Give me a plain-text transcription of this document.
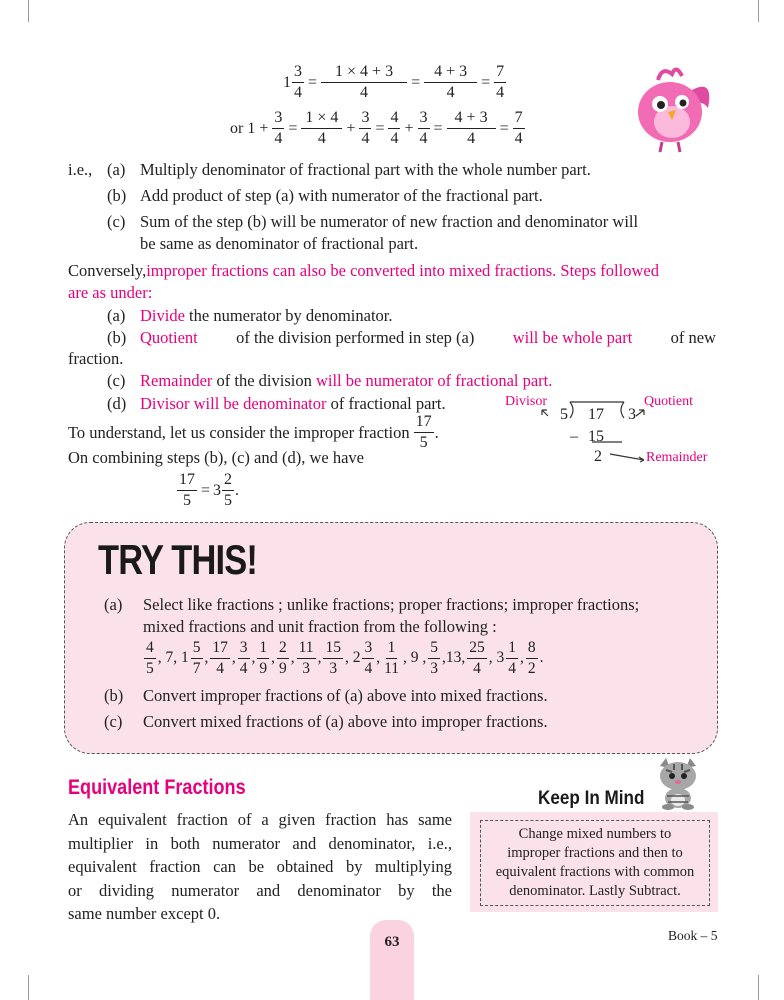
$1 \frac{3}{4} = \frac{1 \times 4 + 3}{4} = \frac{4 + 3}{4} = \frac{7}{4}$
or $1 + \frac{3}{4} = \frac{1 \times 4}{4} + \frac{3}{4} = \frac{4}{4} + \frac{3}{4} = \frac{4 + 3}{4} = \frac{7}{4}$
i.e., (a) Multiply denominator of fractional part with the whole number part.
(b) Add product of step (a) with numerator of the fractional part.
(c) Sum of the step (b) will be numerator of new fraction and denominator will
be same as denominator of fractional part.
Conversely,improper fractions can also be converted into mixed fractions. Steps followed
are as under:
(a) Divide the numerator by denominator.
(b) Quotient of the division performed in step (a) will be whole part of new
fraction.
(c) Remainder of the division will be numerator of fractional part.
(d) Divisor will be denominator of fractional part.
To understand, let us consider the improper fraction $\frac{17}{5}$ .
On combining steps (b), (c) and (d), we have
$\frac{17}{5} = 3 \frac{2}{5}$ .
Divisor	Quotient
Remainder
5 17 3
– 15
2
TRY THIS!
(a) Select like fractions ; unlike fractions; proper fractions; improper fractions;
mixed fractions and unit fraction from the following :
$\frac{4}{5}$ , 7, $1 \frac{5}{7}$ , $\frac{17}{4}$ , $\frac{3}{4}$ , $\frac{1}{9}$ , $\frac{2}{9}$ , $\frac{11}{3}$ , $\frac{15}{3}$ , $2 \frac{3}{4}$ , $\frac{1}{11}$ , 9 , $\frac{5}{3} ,13$, $\frac{25}{4}$ , $3 \frac{1}{4}$ , $\frac{8}{2}$ .
(b) Convert improper fractions of (a) above into mixed fractions.
(c) Convert mixed fractions of (a) above into improper fractions.
Equivalent Fractions
An equivalent fraction of a given fraction has same
multiplier in both numerator and denominator, i.e.,
equivalent fraction can be obtained by multiplying
or dividing numerator and denominator by the
same number except 0.
Keep In Mind
Change mixed numbers to
improper fractions and then to
equivalent fractions with common
denominator. Lastly Subtract.
63	Book – 5
